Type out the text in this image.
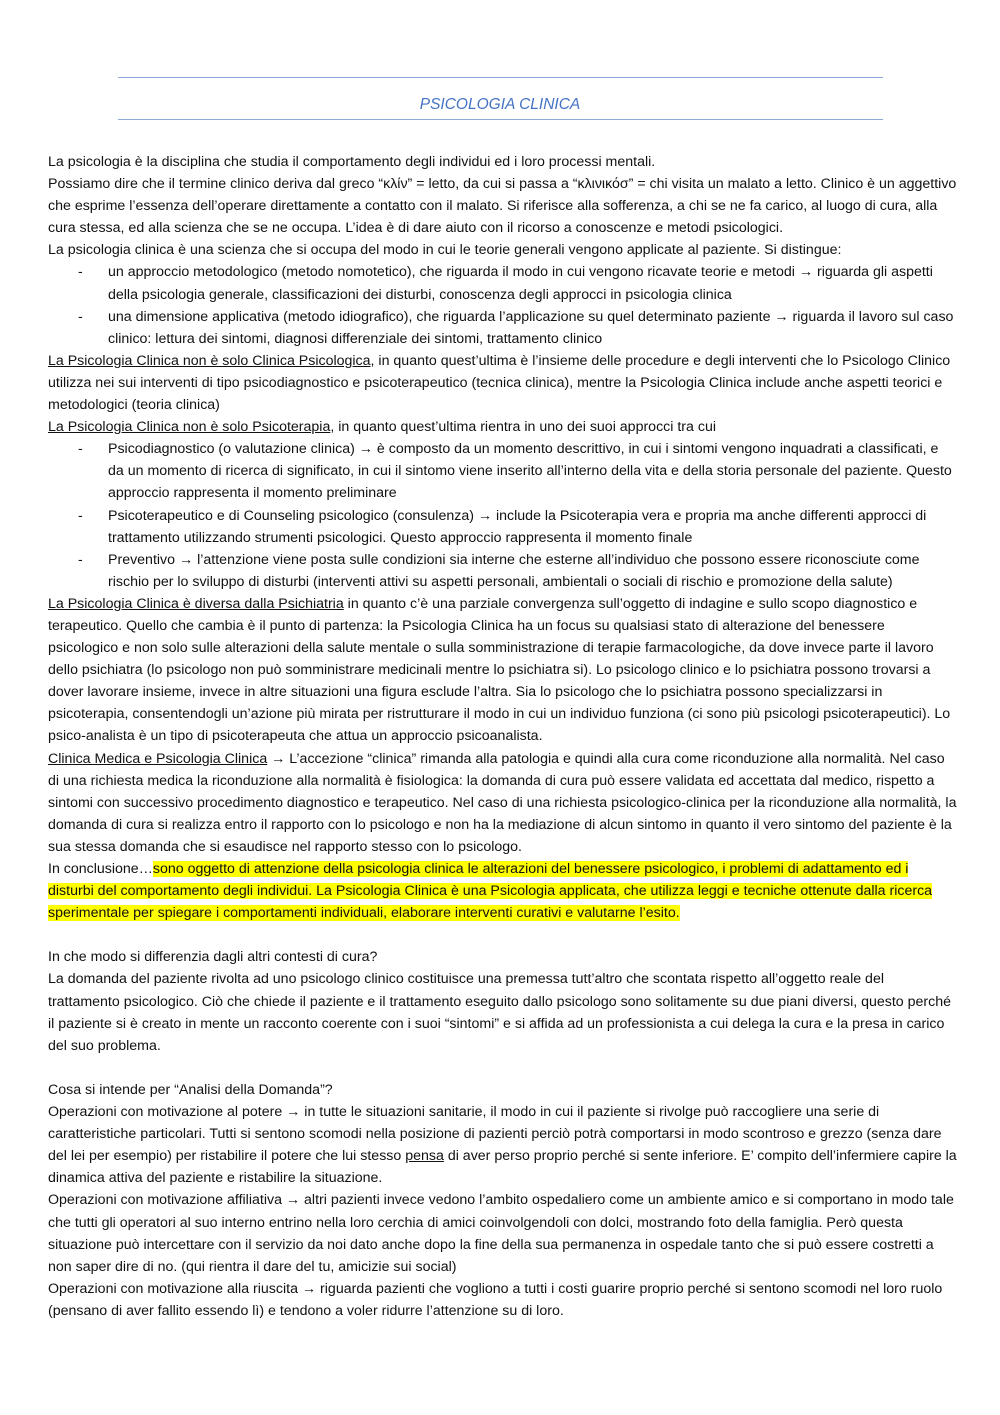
PSICOLOGIA CLINICA

La psicologia è la disciplina che studia il comportamento degli individui ed i loro processi mentali.

Possiamo dire che il termine clinico deriva dal greco “κλίν” = letto, da cui si passa a “κλινικόσ” = chi visita un malato a letto. Clinico è un aggettivo che esprime l’essenza dell’operare direttamente a contatto con il malato. Si riferisce alla sofferenza, a chi se ne fa carico, al luogo di cura, alla cura stessa, ed alla scienza che se ne occupa. L’idea è di dare aiuto con il ricorso a conoscenze e metodi psicologici.

La psicologia clinica è una scienza che si occupa del modo in cui le teorie generali vengono applicate al paziente. Si distingue:

- un approccio metodologico (metodo nomotetico), che riguarda il modo in cui vengono ricavate teorie e metodi → riguarda gli aspetti della psicologia generale, classificazioni dei disturbi, conoscenza degli approcci in psicologia clinica
- una dimensione applicativa (metodo idiografico), che riguarda l’applicazione su quel determinato paziente → riguarda il lavoro sul caso clinico: lettura dei sintomi, diagnosi differenziale dei sintomi, trattamento clinico

La Psicologia Clinica non è solo Clinica Psicologica, in quanto quest’ultima è l’insieme delle procedure e degli interventi che lo Psicologo Clinico utilizza nei sui interventi di tipo psicodiagnostico e psicoterapeutico (tecnica clinica), mentre la Psicologia Clinica include anche aspetti teorici e metodologici (teoria clinica)

La Psicologia Clinica non è solo Psicoterapia, in quanto quest’ultima rientra in uno dei suoi approcci tra cui

- Psicodiagnostico (o valutazione clinica) → è composto da un momento descrittivo, in cui i sintomi vengono inquadrati a classificati, e da un momento di ricerca di significato, in cui il sintomo viene inserito all’interno della vita e della storia personale del paziente. Questo approccio rappresenta il momento preliminare
- Psicoterapeutico e di Counseling psicologico (consulenza) → include la Psicoterapia vera e propria ma anche differenti approcci di trattamento utilizzando strumenti psicologici. Questo approccio rappresenta il momento finale
- Preventivo → l’attenzione viene posta sulle condizioni sia interne che esterne all’individuo che possono essere riconosciute come rischio per lo sviluppo di disturbi (interventi attivi su aspetti personali, ambientali o sociali di rischio e promozione della salute)

La Psicologia Clinica è diversa dalla Psichiatria in quanto c’è una parziale convergenza sull’oggetto di indagine e sullo scopo diagnostico e terapeutico. Quello che cambia è il punto di partenza: la Psicologia Clinica ha un focus su qualsiasi stato di alterazione del benessere psicologico e non solo sulle alterazioni della salute mentale o sulla somministrazione di terapie farmacologiche, da dove invece parte il lavoro dello psichiatra (lo psicologo non può somministrare medicinali mentre lo psichiatra si). Lo psicologo clinico e lo psichiatra possono trovarsi a dover lavorare insieme, invece in altre situazioni una figura esclude l’altra. Sia lo psicologo che lo psichiatra possono specializzarsi in psicoterapia, consentendogli un’azione più mirata per ristrutturare il modo in cui un individuo funziona (ci sono più psicologi psicoterapeutici). Lo psico-analista è un tipo di psicoterapeuta che attua un approccio psicoanalista.

Clinica Medica e Psicologia Clinica → L’accezione “clinica” rimanda alla patologia e quindi alla cura come riconduzione alla normalità. Nel caso di una richiesta medica la riconduzione alla normalità è fisiologica: la domanda di cura può essere validata ed accettata dal medico, rispetto a sintomi con successivo procedimento diagnostico e terapeutico. Nel caso di una richiesta psicologico-clinica per la riconduzione alla normalità, la domanda di cura si realizza entro il rapporto con lo psicologo e non ha la mediazione di alcun sintomo in quanto il vero sintomo del paziente è la sua stessa domanda che si esaudisce nel rapporto stesso con lo psicologo.

In conclusione…sono oggetto di attenzione della psicologia clinica le alterazioni del benessere psicologico, i problemi di adattamento ed i disturbi del comportamento degli individui. La Psicologia Clinica è una Psicologia applicata, che utilizza leggi e tecniche ottenute dalla ricerca sperimentale per spiegare i comportamenti individuali, elaborare interventi curativi e valutarne l’esito.

In che modo si differenzia dagli altri contesti di cura?

La domanda del paziente rivolta ad uno psicologo clinico costituisce una premessa tutt’altro che scontata rispetto all’oggetto reale del trattamento psicologico. Ciò che chiede il paziente e il trattamento eseguito dallo psicologo sono solitamente su due piani diversi, questo perché il paziente si è creato in mente un racconto coerente con i suoi “sintomi” e si affida ad un professionista a cui delega la cura e la presa in carico del suo problema.

Cosa si intende per “Analisi della Domanda”?

Operazioni con motivazione al potere → in tutte le situazioni sanitarie, il modo in cui il paziente si rivolge può raccogliere una serie di caratteristiche particolari. Tutti si sentono scomodi nella posizione di pazienti perciò potrà comportarsi in modo scontroso e grezzo (senza dare del lei per esempio) per ristabilire il potere che lui stesso pensa di aver perso proprio perché si sente inferiore. E’ compito dell’infermiere capire la dinamica attiva del paziente e ristabilire la situazione.

Operazioni con motivazione affiliativa → altri pazienti invece vedono l’ambito ospedaliero come un ambiente amico e si comportano in modo tale che tutti gli operatori al suo interno entrino nella loro cerchia di amici coinvolgendoli con dolci, mostrando foto della famiglia. Però questa situazione può intercettare con il servizio da noi dato anche dopo la fine della sua permanenza in ospedale tanto che si può essere costretti a non saper dire di no. (qui rientra il dare del tu, amicizie sui social)

Operazioni con motivazione alla riuscita → riguarda pazienti che vogliono a tutti i costi guarire proprio perché si sentono scomodi nel loro ruolo (pensano di aver fallito essendo lì) e tendono a voler ridurre l’attenzione su di loro.
